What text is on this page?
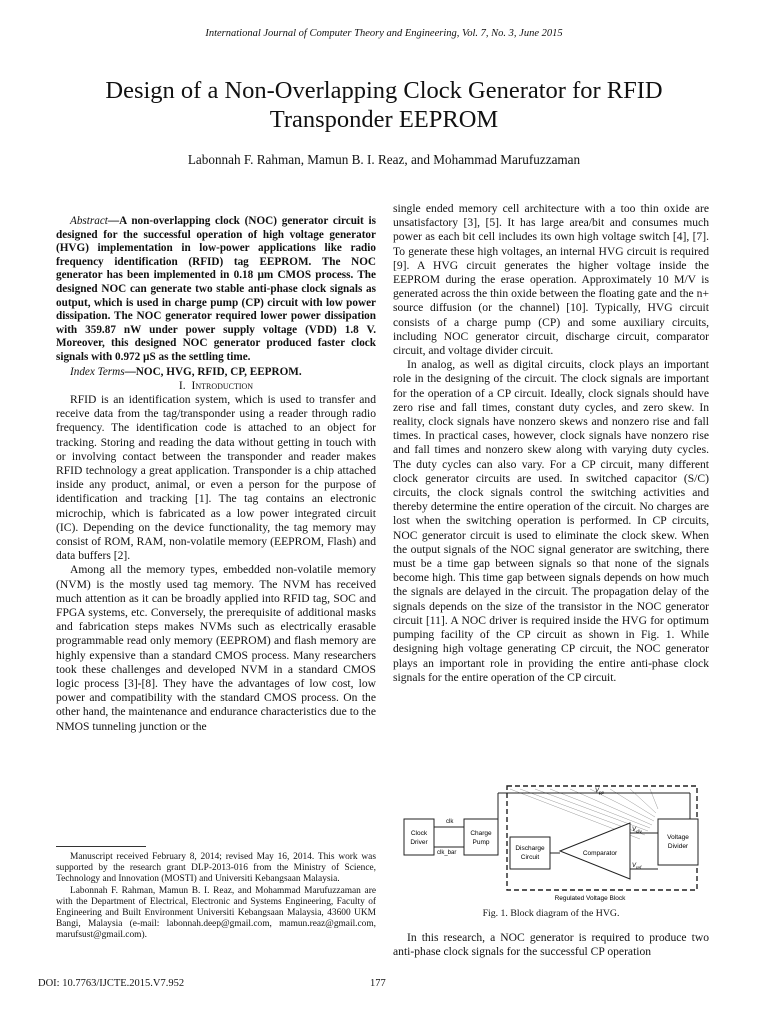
International Journal of Computer Theory and Engineering, Vol. 7, No. 3, June 2015
Design of a Non-Overlapping Clock Generator for RFID Transponder EEPROM
Labonnah F. Rahman, Mamun B. I. Reaz, and Mohammad Marufuzzaman

Abstract—A non-overlapping clock (NOC) generator circuit is designed for the successful operation of high voltage generator (HVG) implementation in low-power applications like radio frequency identification (RFID) tag EEPROM. The NOC generator has been implemented in 0.18 µm CMOS process. The designed NOC can generate two stable anti-phase clock signals as output, which is used in charge pump (CP) circuit with low power dissipation. The NOC generator required lower power dissipation with 359.87 nW under power supply voltage (VDD) 1.8 V. Moreover, this designed NOC generator produced faster clock signals with 0.972 µS as the settling time.

Index Terms—NOC, HVG, RFID, CP, EEPROM.

I. Introduction

RFID is an identification system, which is used to transfer and receive data from the tag/transponder using a reader through radio frequency. The identification code is attached to an object for tracking. Storing and reading the data without getting in touch with or involving contact between the transponder and reader makes RFID technology a great application. Transponder is a chip attached inside any product, animal, or even a person for the purpose of identification and tracking [1]. The tag contains an electronic microchip, which is fabricated as a low power integrated circuit (IC). Depending on the device functionality, the tag memory may consist of ROM, RAM, non-volatile memory (EEPROM, Flash) and data buffers [2].

Among all the memory types, embedded non-volatile memory (NVM) is the mostly used tag memory. The NVM has received much attention as it can be broadly applied into RFID tag, SOC and FPGA systems, etc. Conversely, the prerequisite of additional masks and fabrication steps makes NVMs such as electrically erasable programmable read only memory (EEPROM) and flash memory are highly expensive than a standard CMOS process. Many researchers took these challenges and developed NVM in a standard CMOS logic process [3]-[8]. They have the advantages of low cost, low power and compatibility with the standard CMOS process. On the other hand, the maintenance and endurance characteristics due to the NMOS tunneling junction or the

Manuscript received February 8, 2014; revised May 16, 2014. This work was supported by the research grant DLP-2013-016 from the Ministry of Science, Technology and Innovation (MOSTI) and Universiti Kebangsaan Malaysia.

Labonnah F. Rahman, Mamun B. I. Reaz, and Mohammad Marufuzzaman are with the Department of Electrical, Electronic and Systems Engineering, Faculty of Engineering and Built Environment Universiti Kebangsaan Malaysia, 43600 UKM Bangi, Malaysia (e-mail: labonnah.deep@gmail.com, mamun.reaz@gmail.com, marufsust@gmail.com).

single ended memory cell architecture with a too thin oxide are unsatisfactory [3], [5]. It has large area/bit and consumes much power as each bit cell includes its own high voltage switch [4], [7]. To generate these high voltages, an internal HVG circuit is required [9]. A HVG circuit generates the higher voltage inside the EEPROM during the erase operation. Approximately 10 M/V is generated across the thin oxide between the floating gate and the n+ source diffusion (or the channel) [10]. Typically, HVG circuit consists of a charge pump (CP) and some auxiliary circuits, including NOC generator circuit, discharge circuit, comparator circuit, and voltage divider circuit.

In analog, as well as digital circuits, clock plays an important role in the designing of the circuit. The clock signals are important for the operation of a CP circuit. Ideally, clock signals should have zero rise and fall times, constant duty cycles, and zero skew. In reality, clock signals have nonzero skews and nonzero rise and fall times. In practical cases, however, clock signals have nonzero rise and fall times and nonzero skew along with varying duty cycles. The duty cycles can also vary. For a CP circuit, many different clock generator circuits are used. In switched capacitor (S/C) circuits, the clock signals control the switching activities and thereby determine the entire operation of the circuit. No charges are lost when the switching operation is performed. In CP circuits, NOC generator circuit is used to eliminate the clock skew. When the output signals of the NOC signal generator are switching, there must be a time gap between signals so that none of the signals become high. This time gap between signals depends on how much the signals are delayed in the circuit. The propagation delay of the signals depends on the size of the transistor in the NOC generator circuit [11]. A NOC driver is required inside the HVG for optimum pumping facility of the CP circuit as shown in Fig. 1. While designing high voltage generating CP circuit, the NOC generator plays an important role in providing the entire anti-phase clock signals for the entire operation of the CP circuit.

Clock
Driver
Charge
Pump
clk
clk_bar
$V_{pp}$
Discharge
Circuit
Comparator
$V_{div}$
$V_{ref}$
Voltage
Divider
Regulated Voltage Block
Fig. 1. Block diagram of the HVG.

In this research, a NOC generator is required to produce two anti-phase clock signals for the successful CP operation

DOI: 10.7763/IJCTE.2015.V7.952	177
